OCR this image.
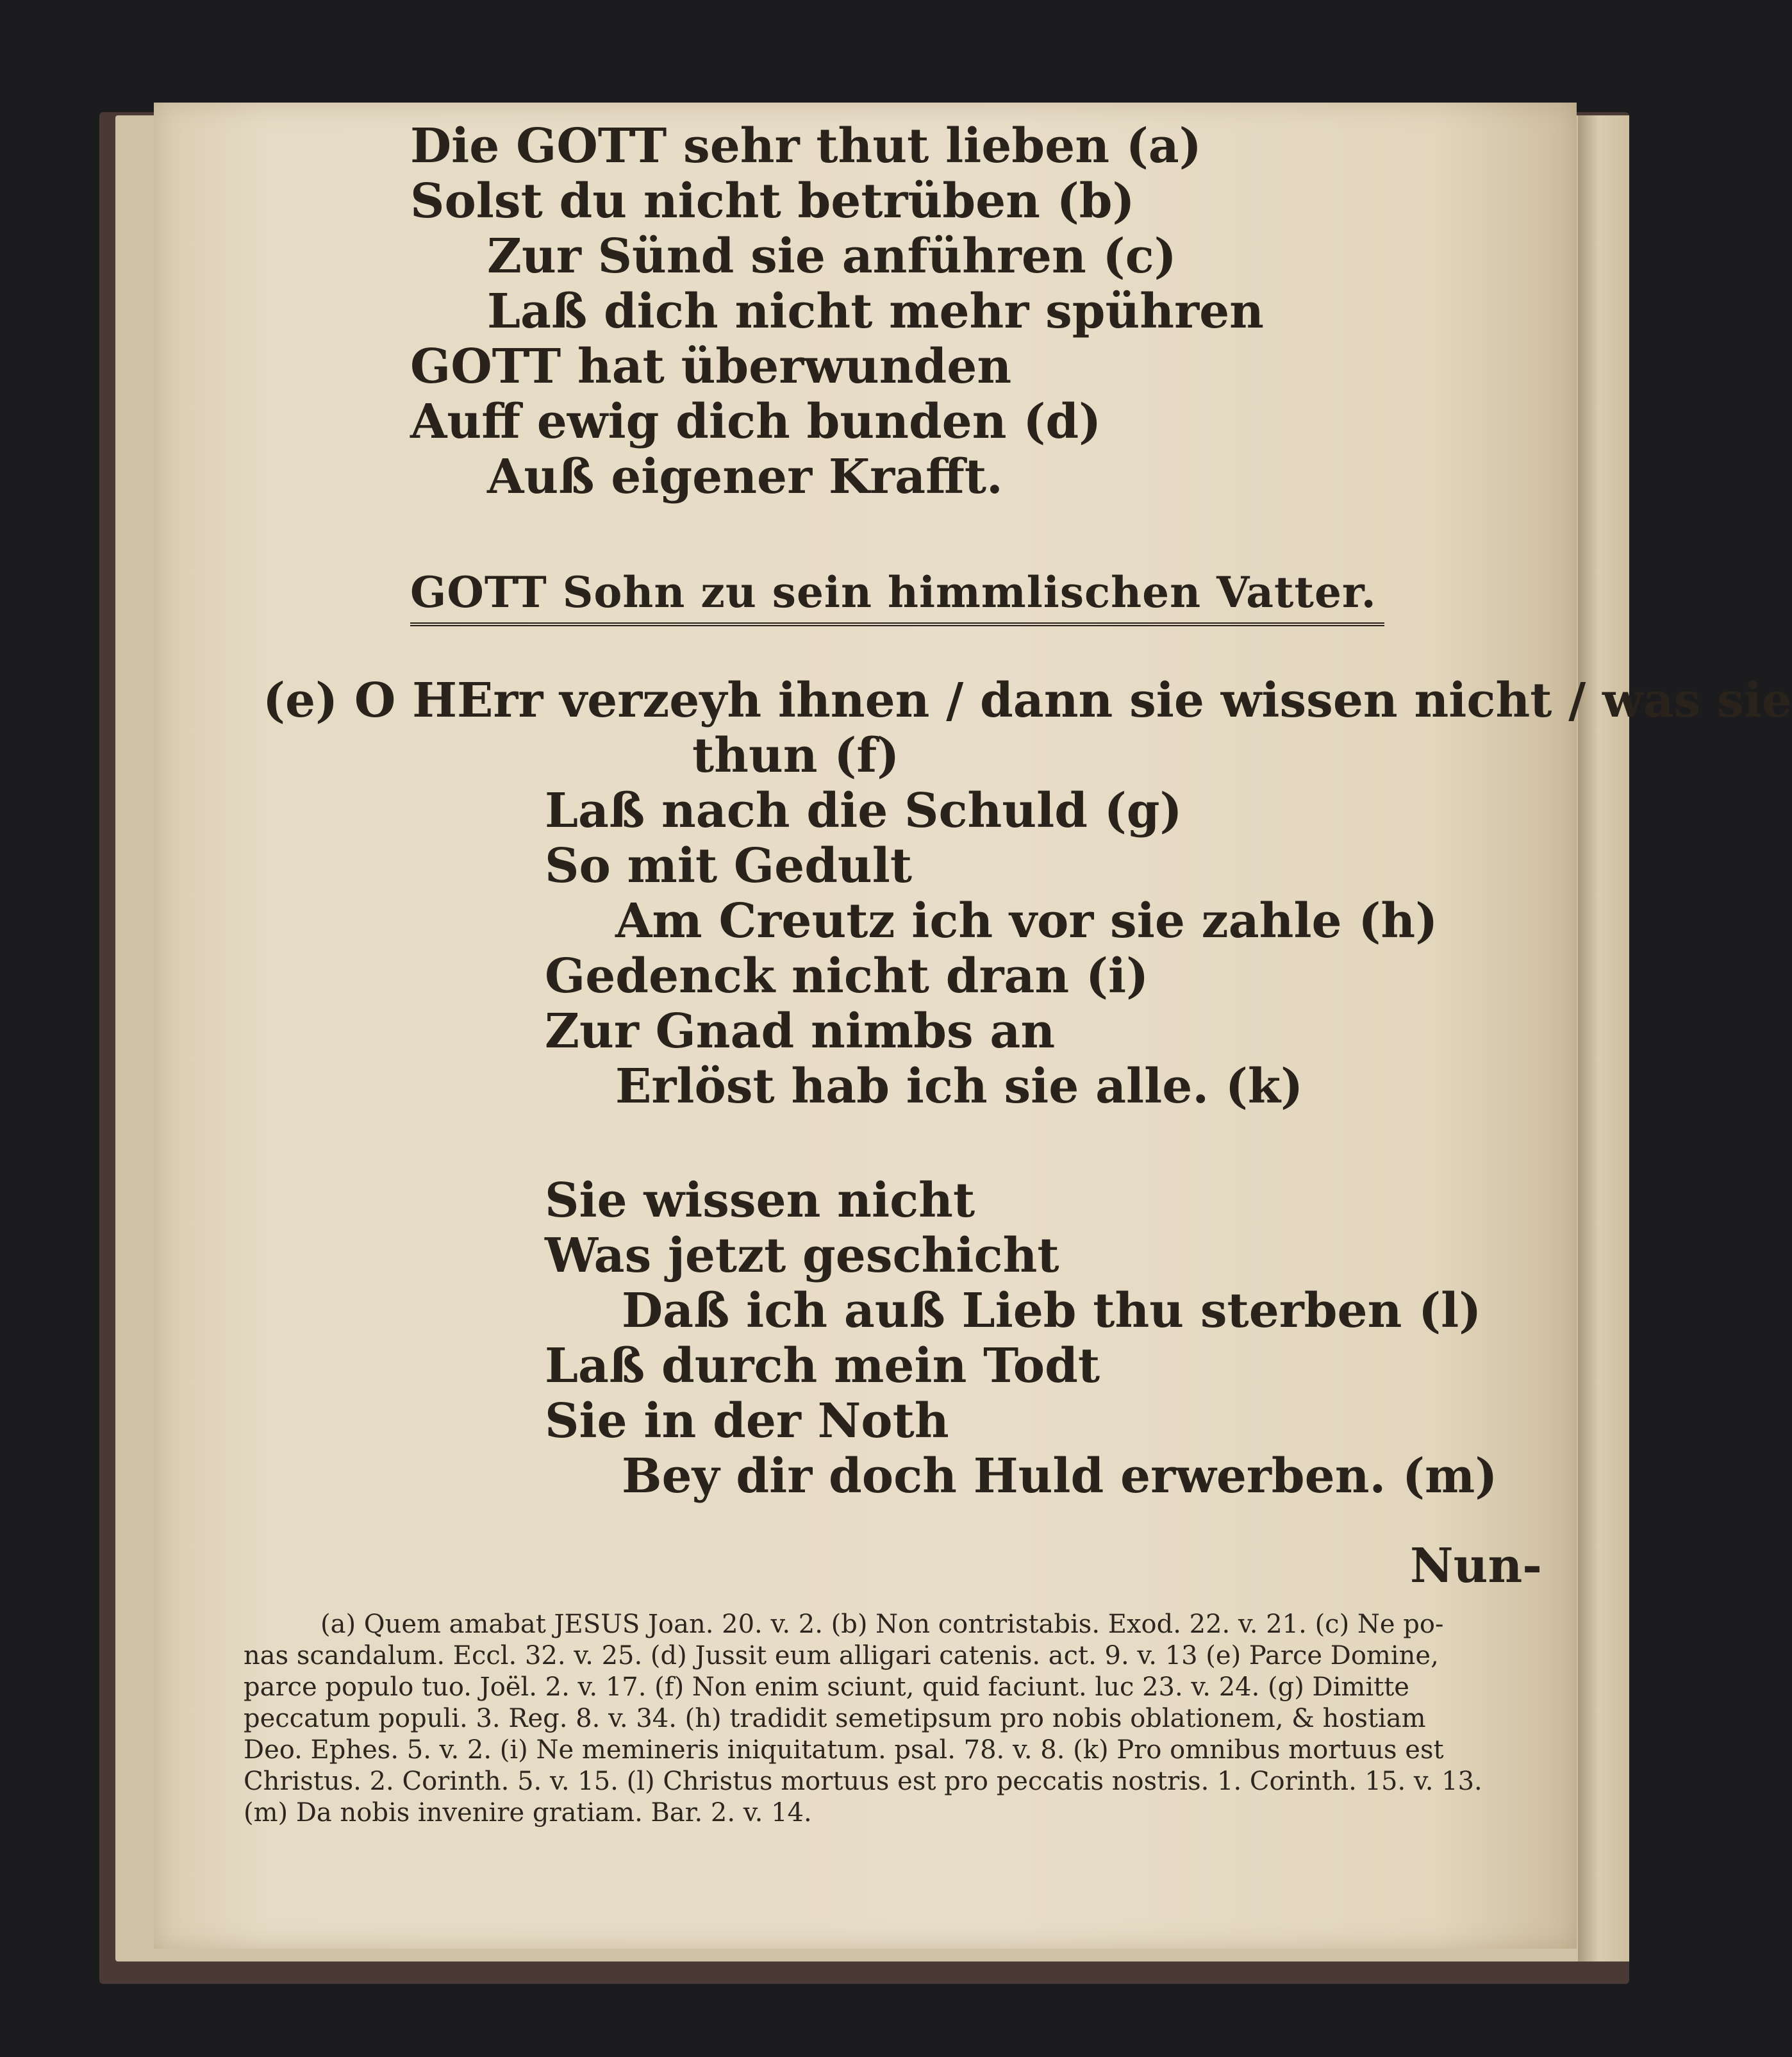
Die GOTT sehr thut lieben (a)
Solst du nicht betrüben (b)
Zur Sünd sie anführen (c)
Laß dich nicht mehr spühren
GOTT hat überwunden
Auff ewig dich bunden (d)
Auß eigener Krafft.
GOTT Sohn zu sein himmlischen Vatter.
(e) O HErr verzeyh ihnen / dann sie wissen nicht / was sie
thun (f)
Laß nach die Schuld (g)
So mit Gedult
Am Creutz ich vor sie zahle (h)
Gedenck nicht dran (i)
Zur Gnad nimbs an
Erlöst hab ich sie alle. (k)
Sie wissen nicht
Was jetzt geschicht
Daß ich auß Lieb thu sterben (l)
Laß durch mein Todt
Sie in der Noth
Bey dir doch Huld erwerben. (m)
Nun-
(a) Quem amabat JESUS Joan. 20. v. 2. (b) Non contristabis. Exod. 22. v. 21. (c) Ne po-
nas scandalum. Eccl. 32. v. 25. (d) Jussit eum alligari catenis. act. 9. v. 13 (e) Parce Domine,
parce populo tuo. Joël. 2. v. 17. (f) Non enim sciunt, quid faciunt. luc 23. v. 24. (g) Dimitte
peccatum populi. 3. Reg. 8. v. 34. (h) tradidit semetipsum pro nobis oblationem, & hostiam
Deo. Ephes. 5. v. 2. (i) Ne memineris iniquitatum. psal. 78. v. 8. (k) Pro omnibus mortuus est
Christus. 2. Corinth. 5. v. 15. (l) Christus mortuus est pro peccatis nostris. 1. Corinth. 15. v. 13.
(m) Da nobis invenire gratiam. Bar. 2. v. 14.
